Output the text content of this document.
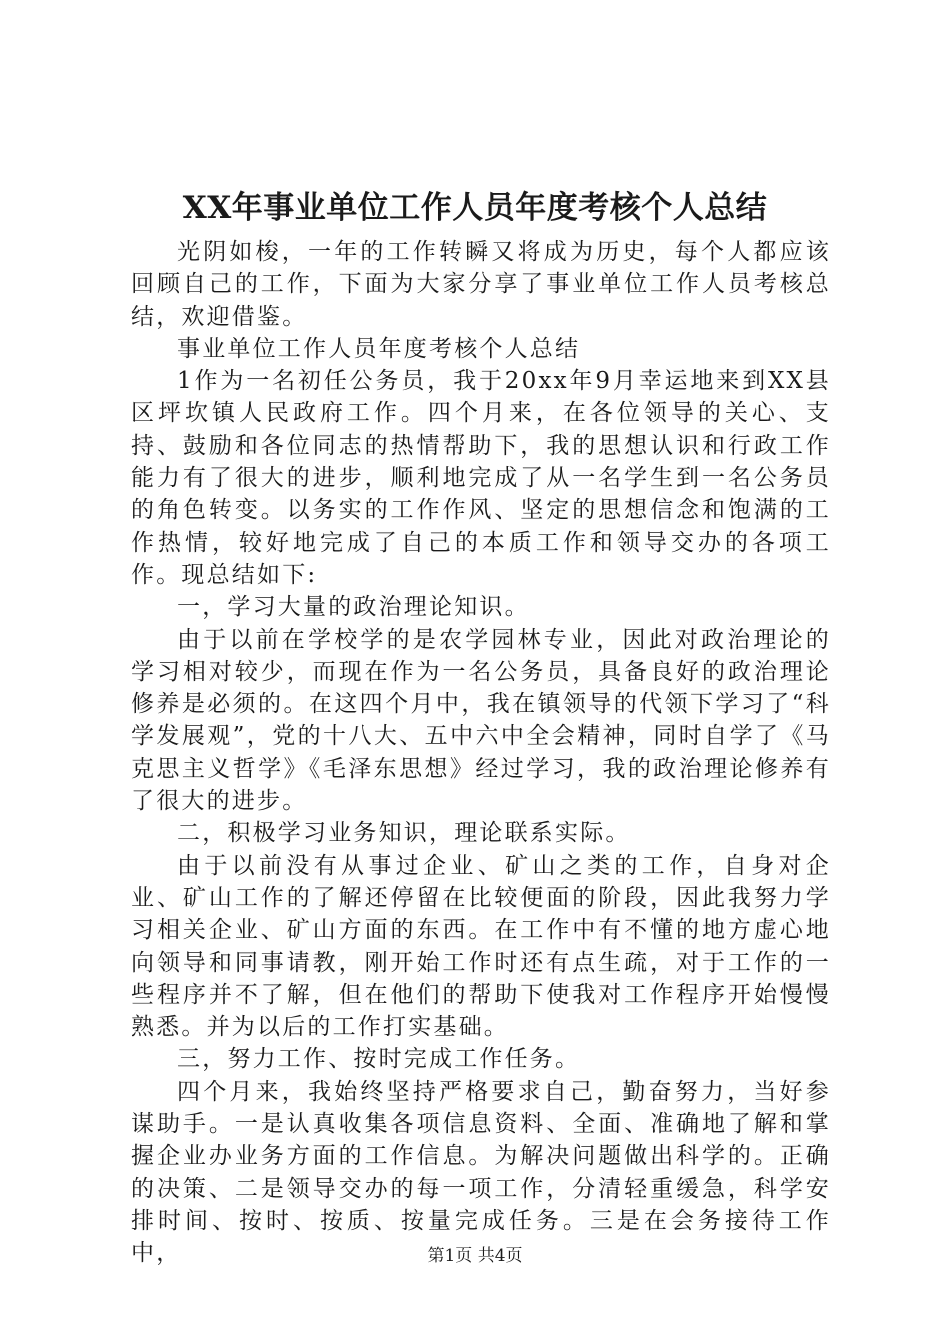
XX年事业单位工作人员年度考核个人总结

光阴如梭，一年的工作转瞬又将成为历史，每个人都应该回顾自己的工作，下面为大家分享了事业单位工作人员考核总结，欢迎借鉴。

事业单位工作人员年度考核个人总结

1作为一名初任公务员，我于20xx年9月幸运地来到XX县区坪坎镇人民政府工作。四个月来，在各位领导的关心、支持、鼓励和各位同志的热情帮助下，我的思想认识和行政工作能力有了很大的进步，顺利地完成了从一名学生到一名公务员的角色转变。以务实的工作作风、坚定的思想信念和饱满的工作热情，较好地完成了自己的本质工作和领导交办的各项工作。现总结如下:

一，学习大量的政治理论知识。

由于以前在学校学的是农学园林专业，因此对政治理论的学习相对较少，而现在作为一名公务员，具备良好的政治理论修养是必须的。在这四个月中，我在镇领导的代领下学习了“科学发展观”，党的十八大、五中六中全会精神，同时自学了《马克思主义哲学》《毛泽东思想》经过学习，我的政治理论修养有了很大的进步。

二，积极学习业务知识，理论联系实际。

由于以前没有从事过企业、矿山之类的工作，自身对企业、矿山工作的了解还停留在比较便面的阶段，因此我努力学习相关企业、矿山方面的东西。在工作中有不懂的地方虚心地向领导和同事请教，刚开始工作时还有点生疏，对于工作的一些程序并不了解，但在他们的帮助下使我对工作程序开始慢慢熟悉。并为以后的工作打实基础。

三，努力工作、按时完成工作任务。

四个月来，我始终坚持严格要求自己，勤奋努力，当好参谋助手。一是认真收集各项信息资料、全面、准确地了解和掌握企业办业务方面的工作信息。为解决问题做出科学的。正确的决策、二是领导交办的每一项工作，分清轻重缓急，科学安排时间、按时、按质、按量完成任务。三是在会务接待工作中，	第1页 共4页
